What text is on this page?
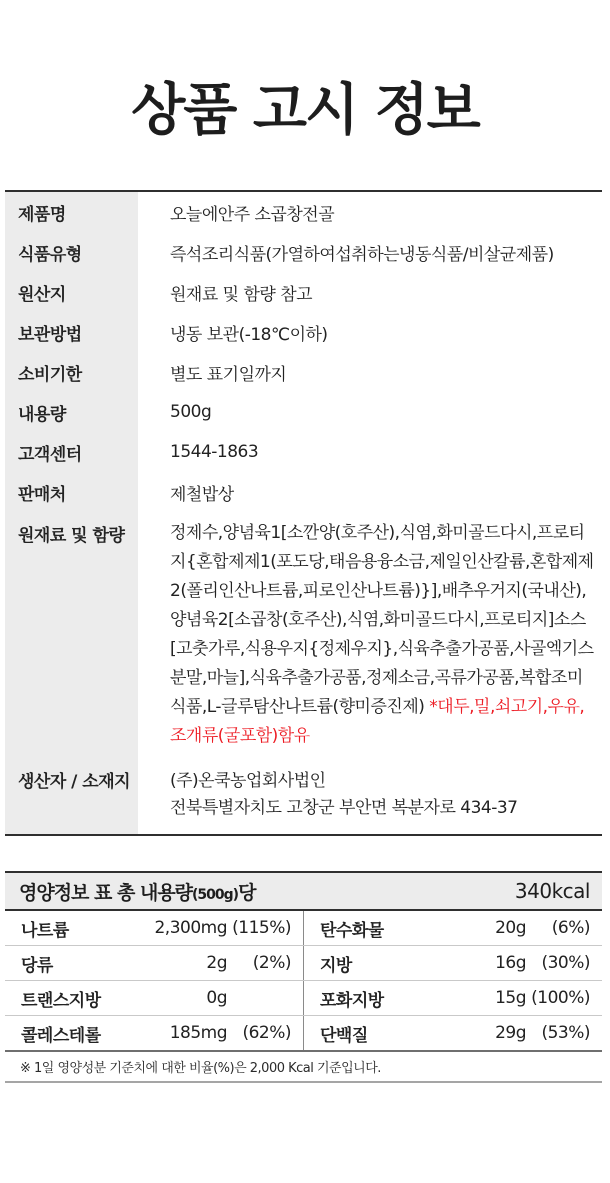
상품 고시 정보
제품명	오늘에안주 소곱창전골
식품유형	즉석조리식품(가열하여섭취하는냉동식품/비살균제품)
원산지	원재료 및 함량 참고
보관방법	냉동 보관(-18℃이하)
소비기한	별도 표기일까지
내용량	500g
고객센터	1544-1863
판매처	제철밥상
원재료 및 함량	정제수,양념육1[소깐양(호주산),식염,화미골드다시,프로티지{혼합제제1(포도당,태음용융소금,제일인산칼륨,혼합제제2(폴리인산나트륨,피로인산나트륨)}],배추우거지(국내산),양념육2[소곱창(호주산),식염,화미골드다시,프로티지]소스[고춧가루,식용우지{정제우지},식육추출가공품,사골엑기스분말,마늘],식육추출가공품,정제소금,곡류가공품,복합조미식품,L-글루탐산나트륨(향미증진제) *대두,밀,쇠고기,우유,조개류(굴포함)함유
생산자 / 소재지	(주)온쿡농업회사법인
전북특별자치도 고창군 부안면 복분자로 434-37
영양정보 표 총 내용량(500g)당	340kcal
나트륨	2,300mg (115%) 탄수화물	20g	(6%)
당류	2g	(2%) 지방	16g (30%)
트랜스지방	0g	포화지방	15g (100%)
콜레스테롤	185mg (62%) 단백질	29g (53%)
※ 1일 영양성분 기준치에 대한 비율(%)은 2,000 Kcal 기준입니다.
